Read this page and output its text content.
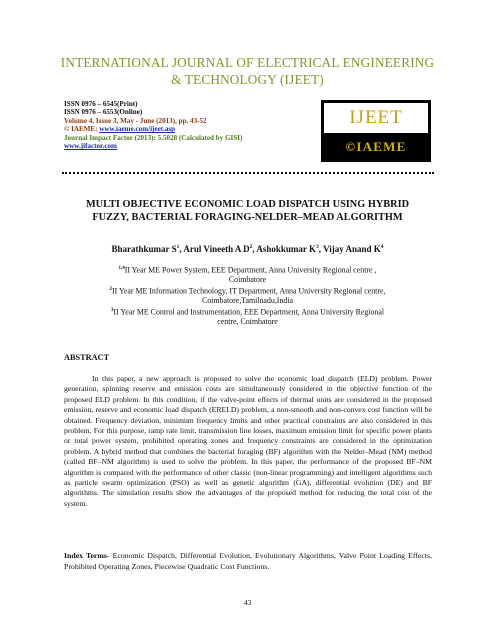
INTERNATIONAL JOURNAL OF ELECTRICAL ENGINEERING
& TECHNOLOGY (IJEET)
ISSN 0976 – 6545(Print)
ISSN 0976 – 6553(Online)
Volume 4, Issue 3, May - June (2013), pp. 43-52
© IAEME: www.iaeme.com/ijeet.asp
Journal Impact Factor (2013): 5.5028 (Calculated by GISI)
www.jifactor.com
IJEET
©IAEME
MULTI OBJECTIVE ECONOMIC LOAD DISPATCH USING HYBRID
FUZZY, BACTERIAL FORAGING-NELDER–MEAD ALGORITHM
Bharathkumar $S^1$, Arul Vineeth A $D^2$, Ashokkumar $K^3$, Vijay Anand $K^4$
$^{1,4}$II Year ME Power System, EEE Department, Anna University Regional centre ,
Coimbatore
$^2$II Year ME Information Technology, IT Department, Anna University Regional centre,
Coimbatore,Tamilnadu,India
$^3$II Year ME Control and Instrumentation, EEE Department, Anna University Regional
centre, Coimbatore
ABSTRACT
In this paper, a new approach is proposed to solve the economic load dispatch (ELD) problem. Power generation, spinning reserve and emission costs are simultaneously considered in the objective function of the proposed ELD problem. In this condition, if the valve-point effects of thermal units are considered in the proposed emission, reserve and economic load dispatch (ERELD) problem, a non-smooth and non-convex cost function will be obtained. Frequency deviation, minimum frequency limits and other practical constraints are also considered in this problem. For this purpose, ramp rate limit, transmission line losses, maximum emission limit for specific power plants or total power system, prohibited operating zones and frequency constraints are considered in the optimization problem. A hybrid method that combines the bacterial foraging (BF) algorithm with the Nelder–Mead (NM) method (called BF–NM algorithm) is used to solve the problem. In this paper, the performance of the proposed BF–NM algorithm is compared with the performance of other classic (non-linear programming) and intelligent algorithms such as particle swarm optimization (PSO) as well as genetic algorithm (GA), differential evolution (DE) and BF algorithms. The simulation results show the advantages of the proposed method for reducing the total cost of the system.
Index Terms- Economic Dispatch, Differential Evolution, Evolutionary Algorithms, Valve Point Loading Effects, Prohibited Operating Zones, Piecewise Quadratic Cost Functions.
43
